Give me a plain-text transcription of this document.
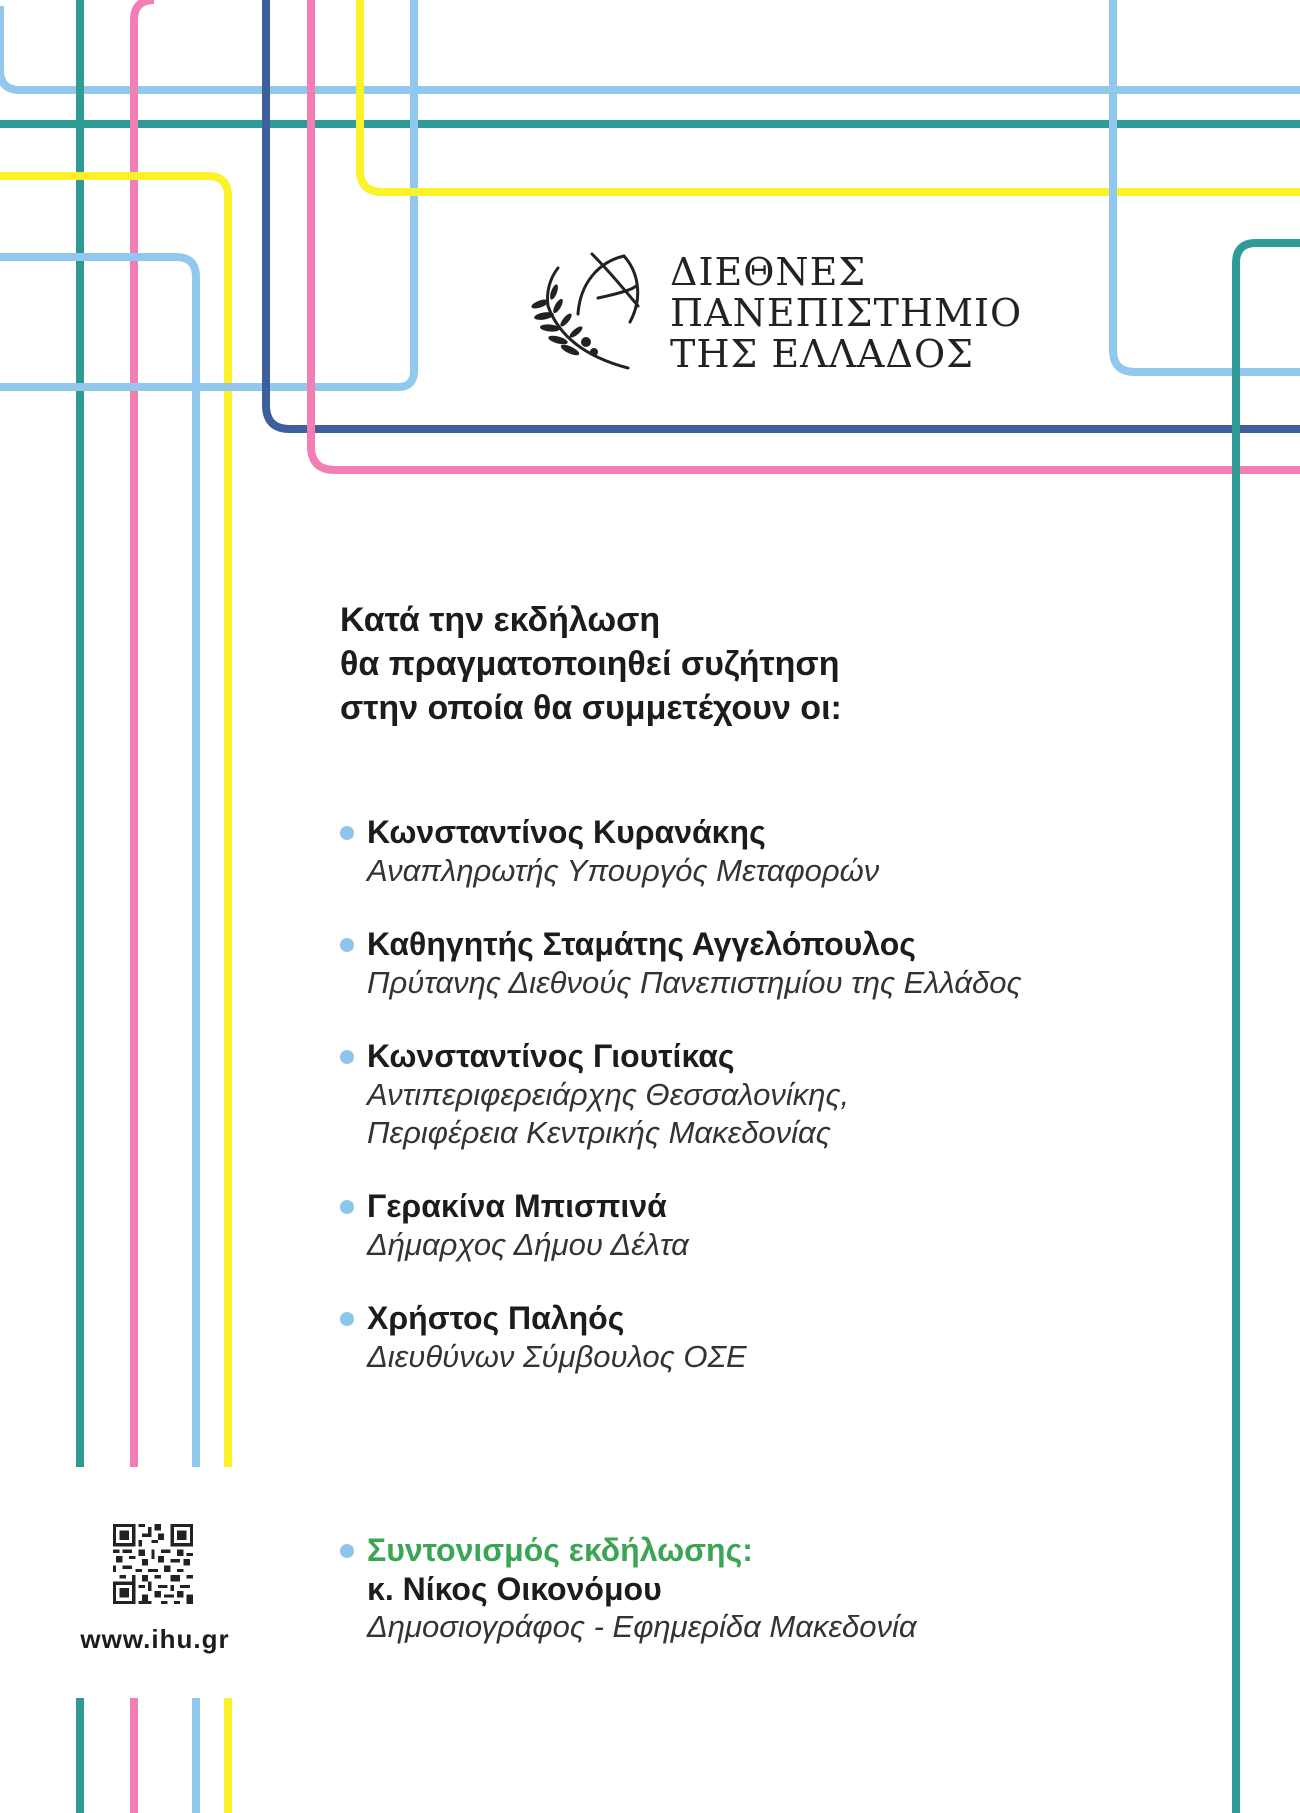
ΔΙΕΘΝΕΣ
ΠΑΝΕΠΙΣΤΗΜΙΟ
ΤΗΣ ΕΛΛΑΔΟΣ
Κατά την εκδήλωση
θα πραγματοποιηθεί συζήτηση
στην οποία θα συμμετέχουν οι:
Κωνσταντίνος Κυρανάκης
Αναπληρωτής Υπουργός Μεταφορών
Καθηγητής Σταμάτης Αγγελόπουλος
Πρύτανης Διεθνούς Πανεπιστημίου της Ελλάδος
Κωνσταντίνος Γιουτίκας
Αντιπεριφερειάρχης Θεσσαλονίκης,
Περιφέρεια Κεντρικής Μακεδονίας
Γερακίνα Μπισπινά
Δήμαρχος Δήμου Δέλτα
Χρήστος Παληός
Διευθύνων Σύμβουλος ΟΣΕ
Συντονισμός εκδήλωσης:
κ. Νίκος Οικονόμου
Δημοσιογράφος - Εφημερίδα Μακεδονία
www.ihu.gr
